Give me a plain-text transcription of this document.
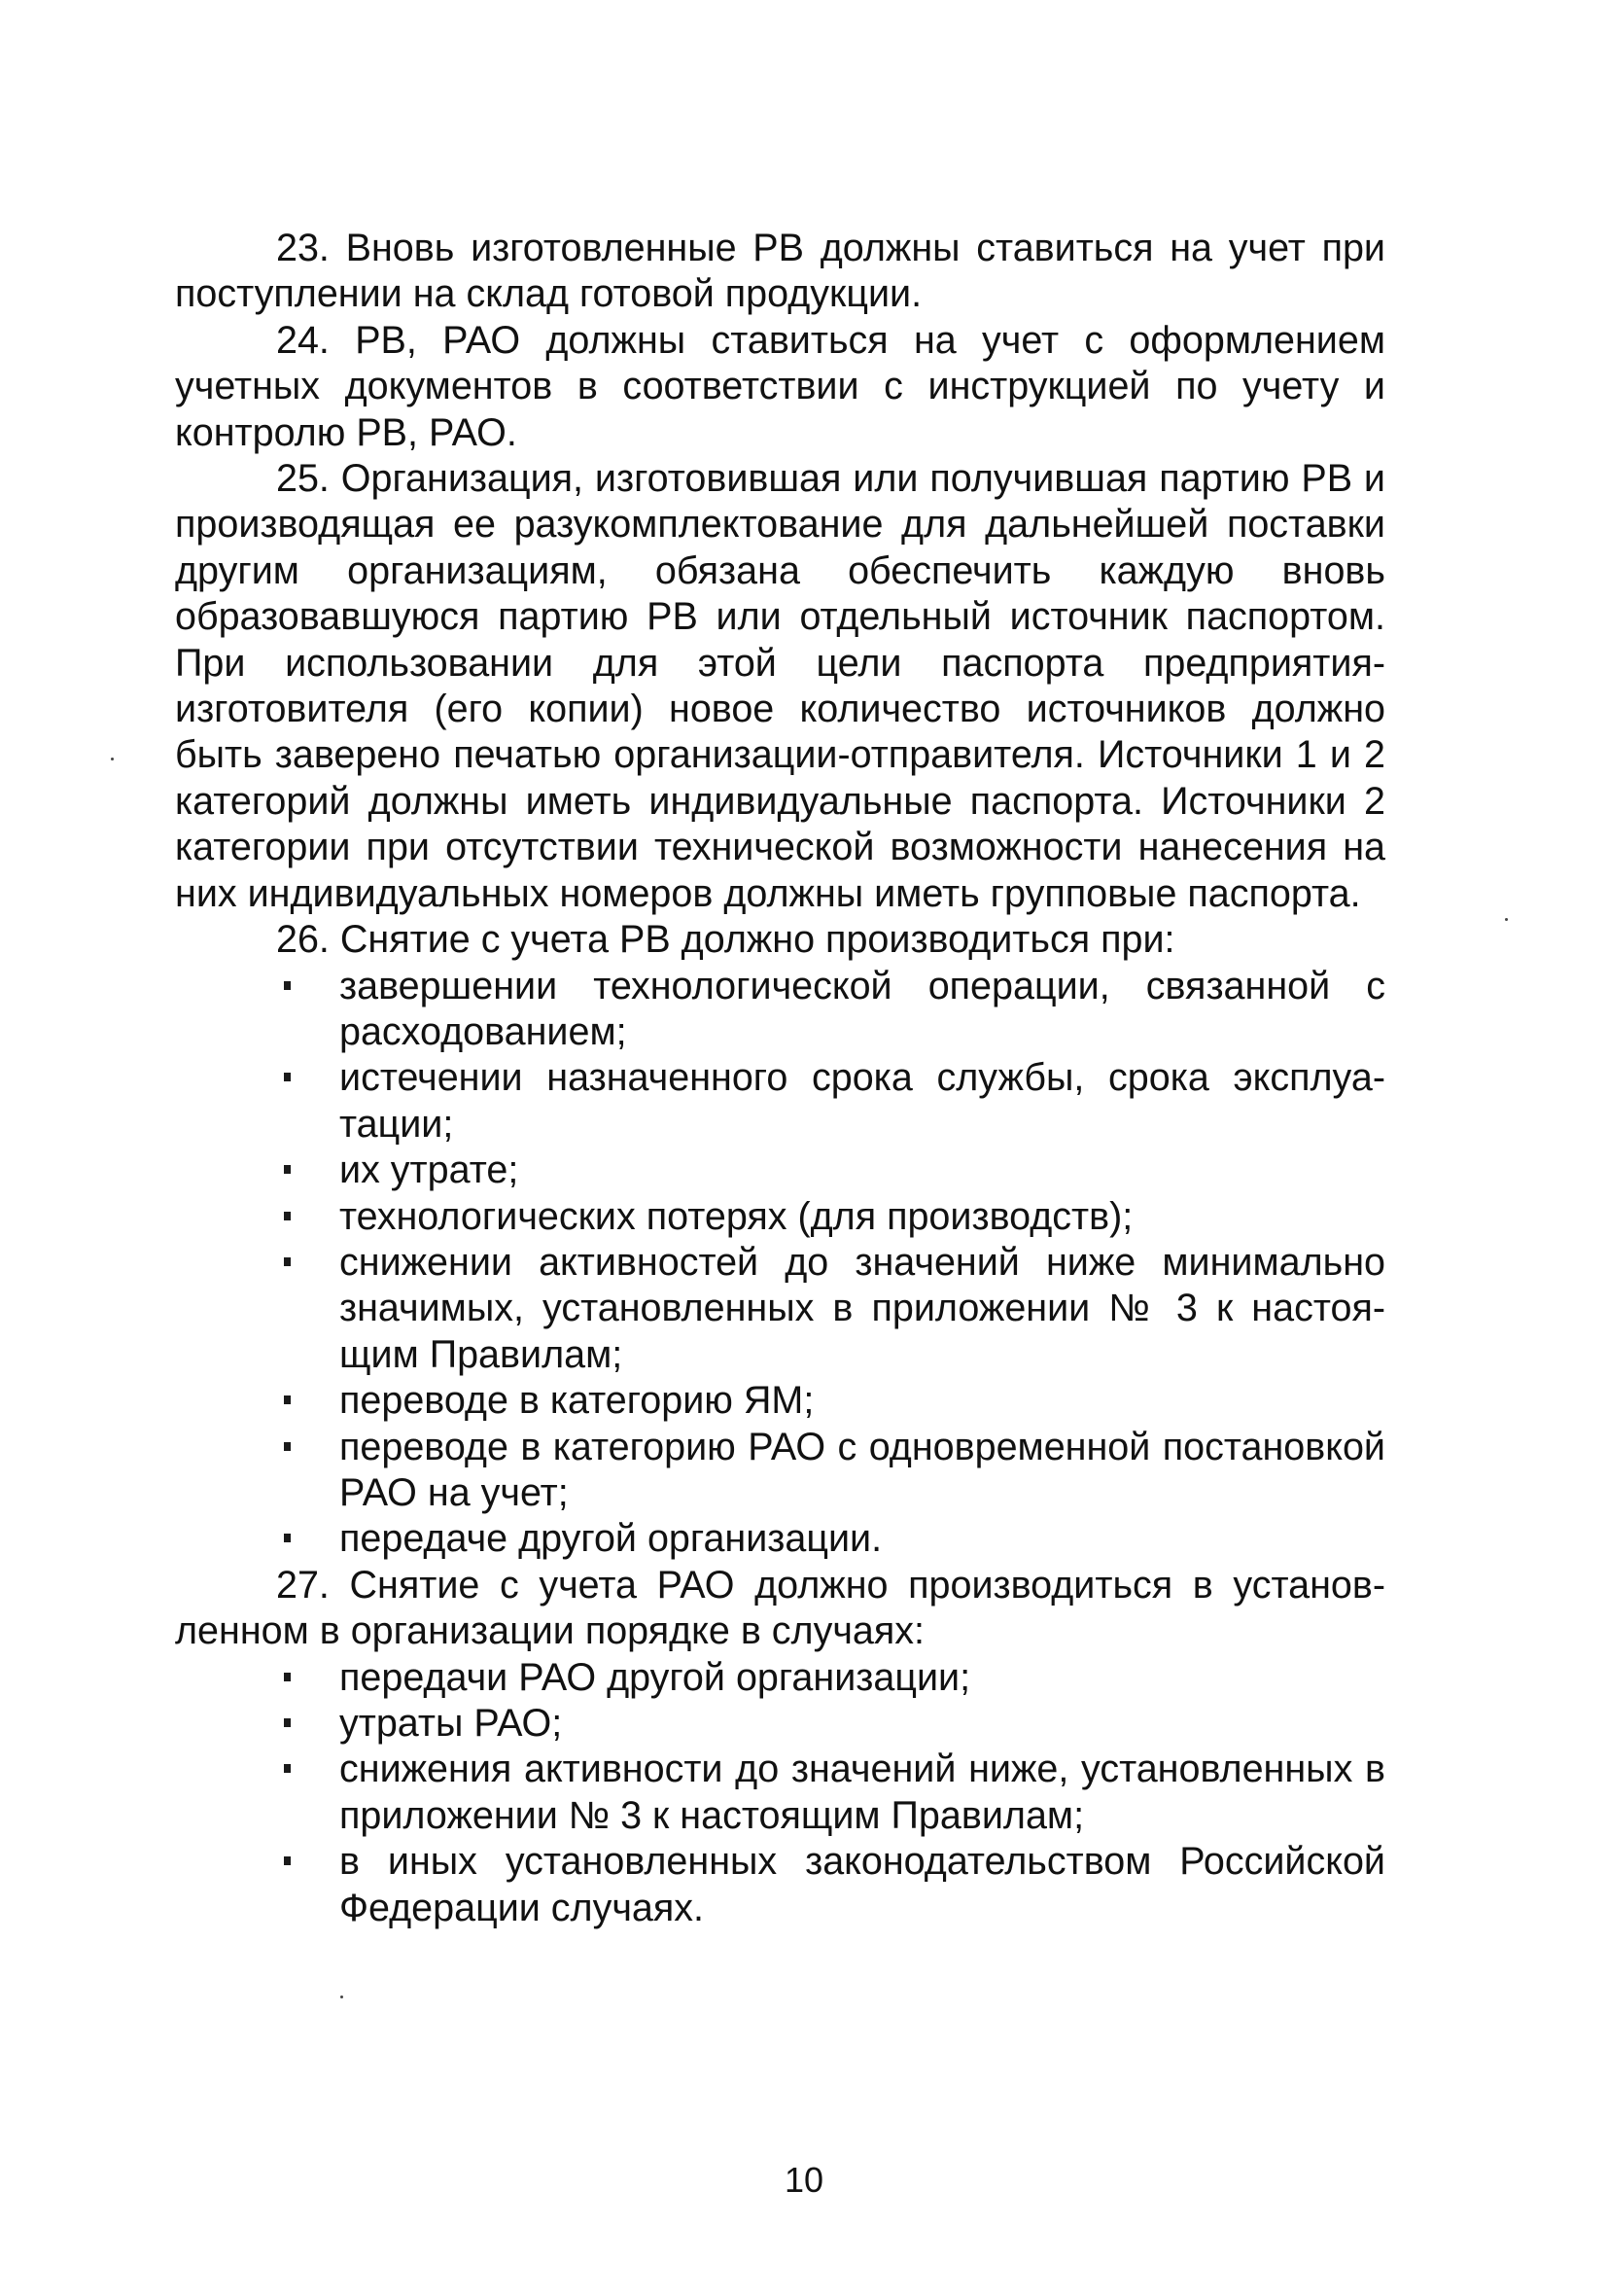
23. Вновь изготовленные РВ должны ставиться на учет при поступлении на склад готовой продукции.

24. РВ, РАО должны ставиться на учет с оформлением учетных документов в соответствии с инструкцией по учету и контролю РВ, РАО.

25. Организация, изготовившая или получившая партию РВ и производящая ее разукомплектование для дальнейшей поставки другим организациям, обязана обеспечить каждую вновь образовавшуюся партию РВ или отдельный источник паспортом. При использовании для этой цели паспорта предприятия-изготовителя (его копии) новое количество источников должно быть заверено печатью организации-отправителя. Источники 1 и 2 категорий должны иметь индивидуальные паспорта. Источники 2 категории при отсутствии технической возможности нанесения на них индивидуальных номеров должны иметь групповые паспорта.

26. Снятие с учета РВ должно производиться при:

завершении технологической операции, связанной с расходованием;
истечении назначенного срока службы, срока эксплуатации;
их утрате;
технологических потерях (для производств);
снижении активностей до значений ниже минимально значимых, установленных в приложении № 3 к настоящим Правилам;
переводе в категорию ЯМ;
переводе в категорию РАО с одновременной постановкой РАО на учет;
передаче другой организации.

27. Снятие с учета РАО должно производиться в установленном в организации порядке в случаях:

передачи РАО другой организации;
утраты РАО;
снижения активности до значений ниже, установленных в приложении № 3 к настоящим Правилам;
в иных установленных законодательством Российской Федерации случаях.
10
